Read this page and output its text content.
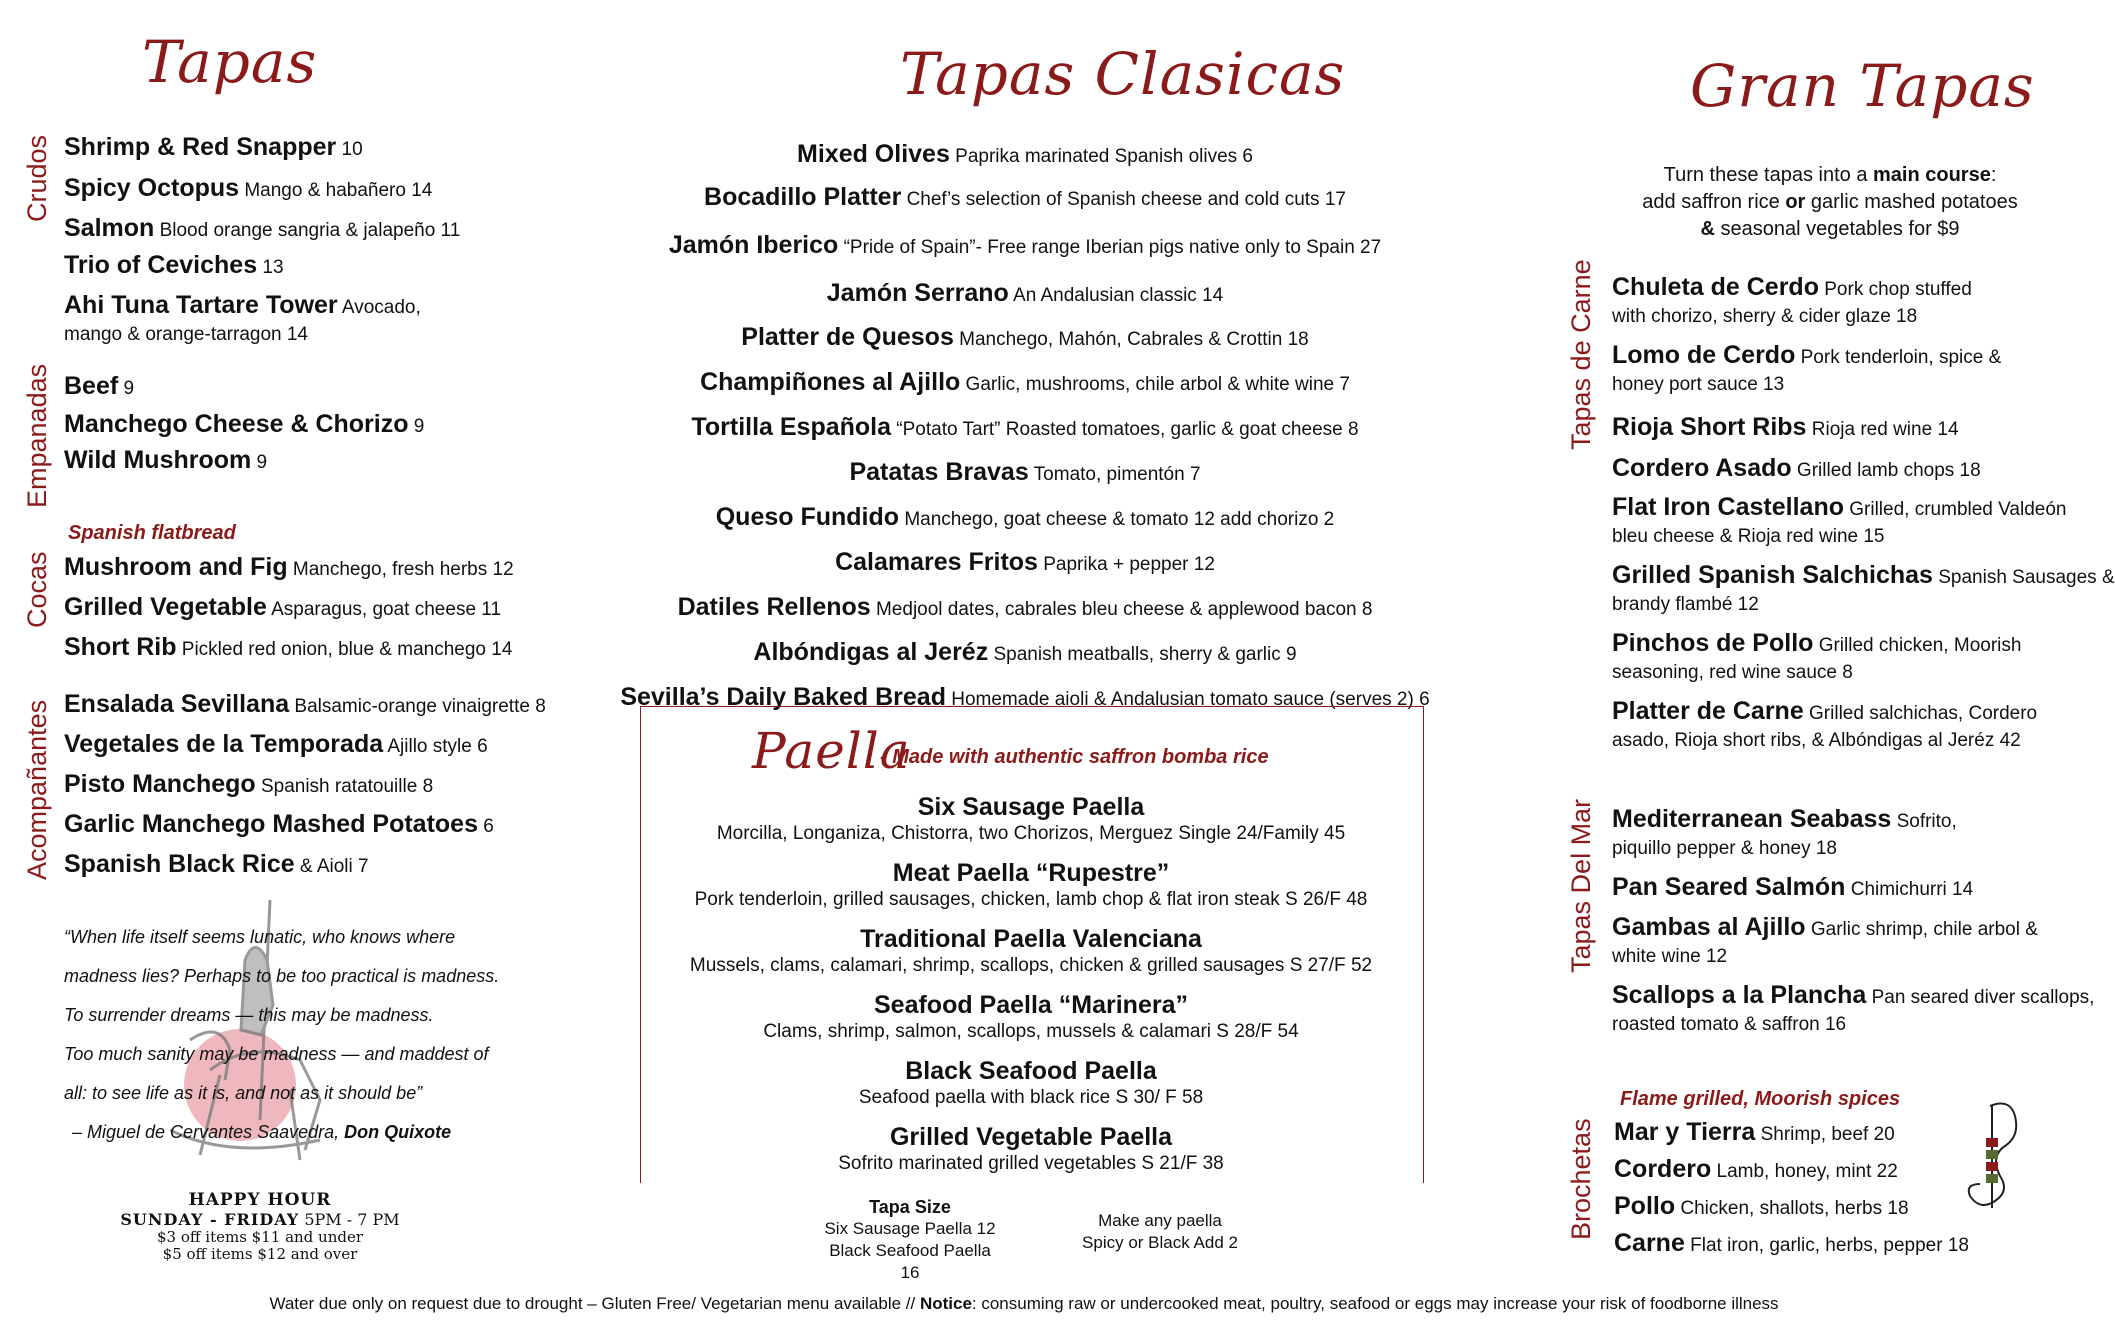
Tapas
Crudos
Empanadas
Cocas
Acompañantes
Shrimp & Red Snapper 10
Spicy Octopus Mango & habañero 14
Salmon Blood orange sangria & jalapeño 11
Trio of Ceviches 13
Ahi Tuna Tartare Tower Avocado,
mango & orange-tarragon 14
Beef 9
Manchego Cheese & Chorizo 9
Wild Mushroom 9
Spanish flatbread
Mushroom and Fig Manchego, fresh herbs 12
Grilled Vegetable Asparagus, goat cheese 11
Short Rib Pickled red onion, blue & manchego 14
Ensalada Sevillana Balsamic-orange vinaigrette 8
Vegetales de la Temporada Ajillo style 6
Pisto Manchego Spanish ratatouille 8
Garlic Manchego Mashed Potatoes 6
Spanish Black Rice & Aioli 7
“When life itself seems lunatic, who knows where
madness lies? Perhaps to be too practical is madness.
To surrender dreams — this may be madness.
Too much sanity may be madness — and maddest of
all: to see life as it is, and not as it should be”
– Miguel de Cervantes Saavedra, Don Quixote
HAPPY HOUR
SUNDAY - FRIDAY 5PM - 7 PM
$3 off items $11 and under
$5 off items $12 and over
Tapas Clasicas
Mixed Olives Paprika marinated Spanish olives 6
Bocadillo Platter Chef’s selection of Spanish cheese and cold cuts 17
Jamón Iberico “Pride of Spain”- Free range Iberian pigs native only to Spain 27
Jamón Serrano An Andalusian classic 14
Platter de Quesos Manchego, Mahón, Cabrales & Crottin 18
Champiñones al Ajillo Garlic, mushrooms, chile arbol & white wine 7
Tortilla Española “Potato Tart” Roasted tomatoes, garlic & goat cheese 8
Patatas Bravas Tomato, pimentón 7
Queso Fundido Manchego, goat cheese & tomato 12 add chorizo 2
Calamares Fritos Paprika + pepper 12
Datiles Rellenos Medjool dates, cabrales bleu cheese & applewood bacon 8
Albóndigas al Jeréz Spanish meatballs, sherry & garlic 9
Sevilla’s Daily Baked Bread Homemade aioli & Andalusian tomato sauce (serves 2) 6
Paella
- Made with authentic saffron bomba rice
Six Sausage Paella
Morcilla, Longaniza, Chistorra, two Chorizos, Merguez Single 24/Family 45
Meat Paella “Rupestre”
Pork tenderloin, grilled sausages, chicken, lamb chop & flat iron steak S 26/F 48
Traditional Paella Valenciana
Mussels, clams, calamari, shrimp, scallops, chicken & grilled sausages S 27/F 52
Seafood Paella “Marinera”
Clams, shrimp, salmon, scallops, mussels & calamari S 28/F 54
Black Seafood Paella
Seafood paella with black rice S 30/ F 58
Grilled Vegetable Paella
Sofrito marinated grilled vegetables S 21/F 38
Tapa Size
Six Sausage Paella 12
Black Seafood Paella 16
Make any paella
Spicy or Black Add 2
Gran Tapas
Turn these tapas into a main course:
add saffron rice or garlic mashed potatoes
& seasonal vegetables for $9
Tapas de Carne
Tapas Del Mar
Brochetas
Chuleta de Cerdo Pork chop stuffed
with chorizo, sherry & cider glaze 18
Lomo de Cerdo Pork tenderloin, spice &
honey port sauce 13
Rioja Short Ribs Rioja red wine 14
Cordero Asado Grilled lamb chops 18
Flat Iron Castellano Grilled, crumbled Valdeón
bleu cheese & Rioja red wine 15
Grilled Spanish Salchichas Spanish Sausages &
brandy flambé 12
Pinchos de Pollo Grilled chicken, Moorish
seasoning, red wine sauce 8
Platter de Carne Grilled salchichas, Cordero
asado, Rioja short ribs, & Albóndigas al Jeréz 42
Mediterranean Seabass Sofrito,
piquillo pepper & honey 18
Pan Seared Salmón Chimichurri 14
Gambas al Ajillo Garlic shrimp, chile arbol &
white wine 12
Scallops a la Plancha Pan seared diver scallops,
roasted tomato & saffron 16
Flame grilled, Moorish spices
Mar y Tierra Shrimp, beef 20
Cordero Lamb, honey, mint 22
Pollo Chicken, shallots, herbs 18
Carne Flat iron, garlic, herbs, pepper 18
Water due only on request due to drought – Gluten Free/ Vegetarian menu available // Notice: consuming raw or undercooked meat, poultry, seafood or eggs may increase your risk of foodborne illness
